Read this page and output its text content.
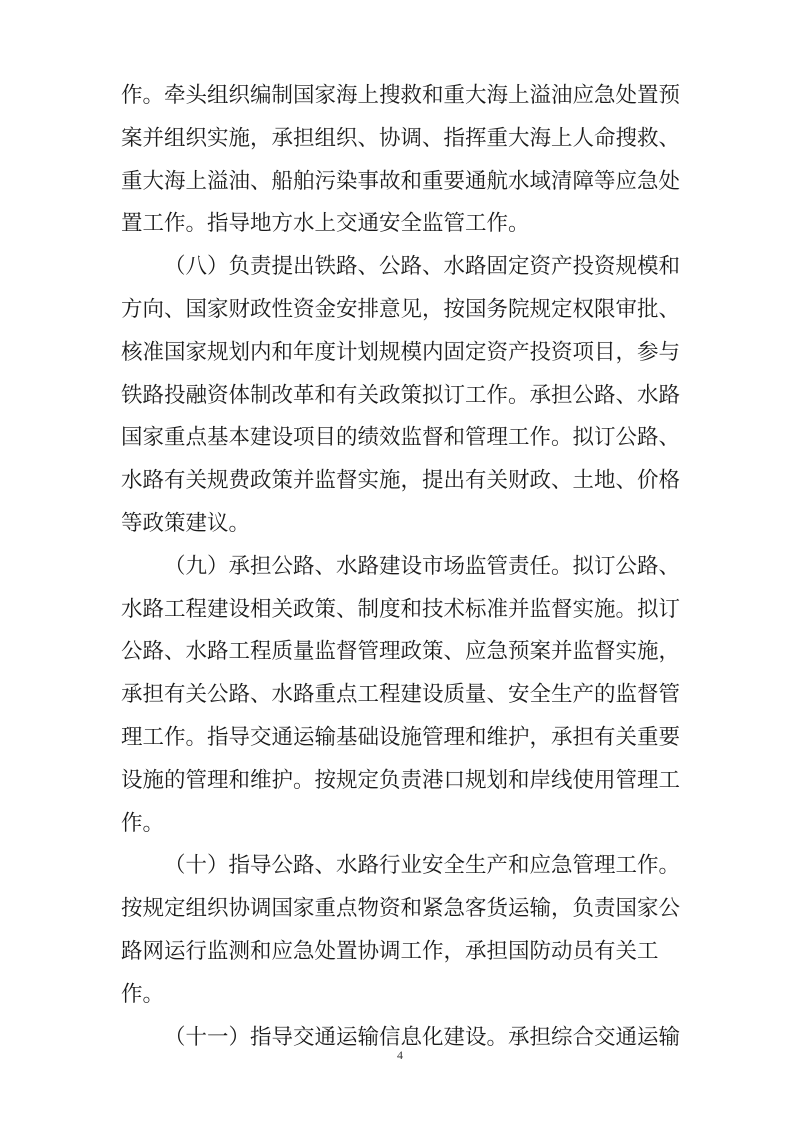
作。牵头组织编制国家海上搜救和重大海上溢油应急处置预
案并组织实施，承担组织、协调、指挥重大海上人命搜救、
重大海上溢油、船舶污染事故和重要通航水域清障等应急处
置工作。指导地方水上交通安全监管工作。
（八）负责提出铁路、公路、水路固定资产投资规模和
方向、国家财政性资金安排意见，按国务院规定权限审批、
核准国家规划内和年度计划规模内固定资产投资项目，参与
铁路投融资体制改革和有关政策拟订工作。承担公路、水路
国家重点基本建设项目的绩效监督和管理工作。拟订公路、
水路有关规费政策并监督实施，提出有关财政、土地、价格
等政策建议。
（九）承担公路、水路建设市场监管责任。拟订公路、
水路工程建设相关政策、制度和技术标准并监督实施。拟订
公路、水路工程质量监督管理政策、应急预案并监督实施，
承担有关公路、水路重点工程建设质量、安全生产的监督管
理工作。指导交通运输基础设施管理和维护，承担有关重要
设施的管理和维护。按规定负责港口规划和岸线使用管理工
作。
（十）指导公路、水路行业安全生产和应急管理工作。
按规定组织协调国家重点物资和紧急客货运输，负责国家公
路网运行监测和应急处置协调工作，承担国防动员有关工
作。
（十一）指导交通运输信息化建设。承担综合交通运输
4
